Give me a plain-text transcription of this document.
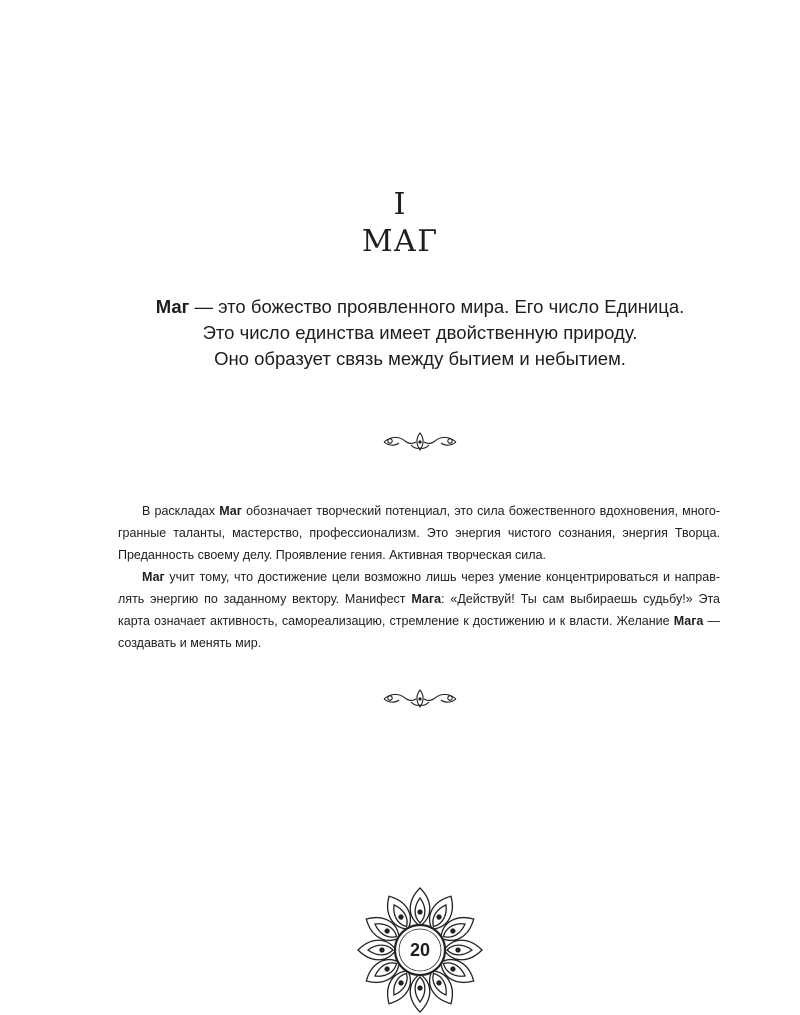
I
МАГ
Маг — это божество проявленного мира. Его число Единица.
Это число единства имеет двойственную природу.
Оно образует связь между бытием и небытием.
В раскладах Маг обозначает творческий потенциал, это сила божественного вдохновения, много-
гранные таланты, мастерство, профессионализм. Это энергия чистого сознания, энергия Творца.
Преданность своему делу. Проявление гения. Активная творческая сила.
Маг учит тому, что достижение цели возможно лишь через умение концентрироваться и направ-
лять энергию по заданному вектору. Манифест Мага: «Действуй! Ты сам выбираешь судьбу!» Эта
карта означает активность, самореализацию, стремление к достижению и к власти. Желание Мага —
создавать и менять мир.
20
